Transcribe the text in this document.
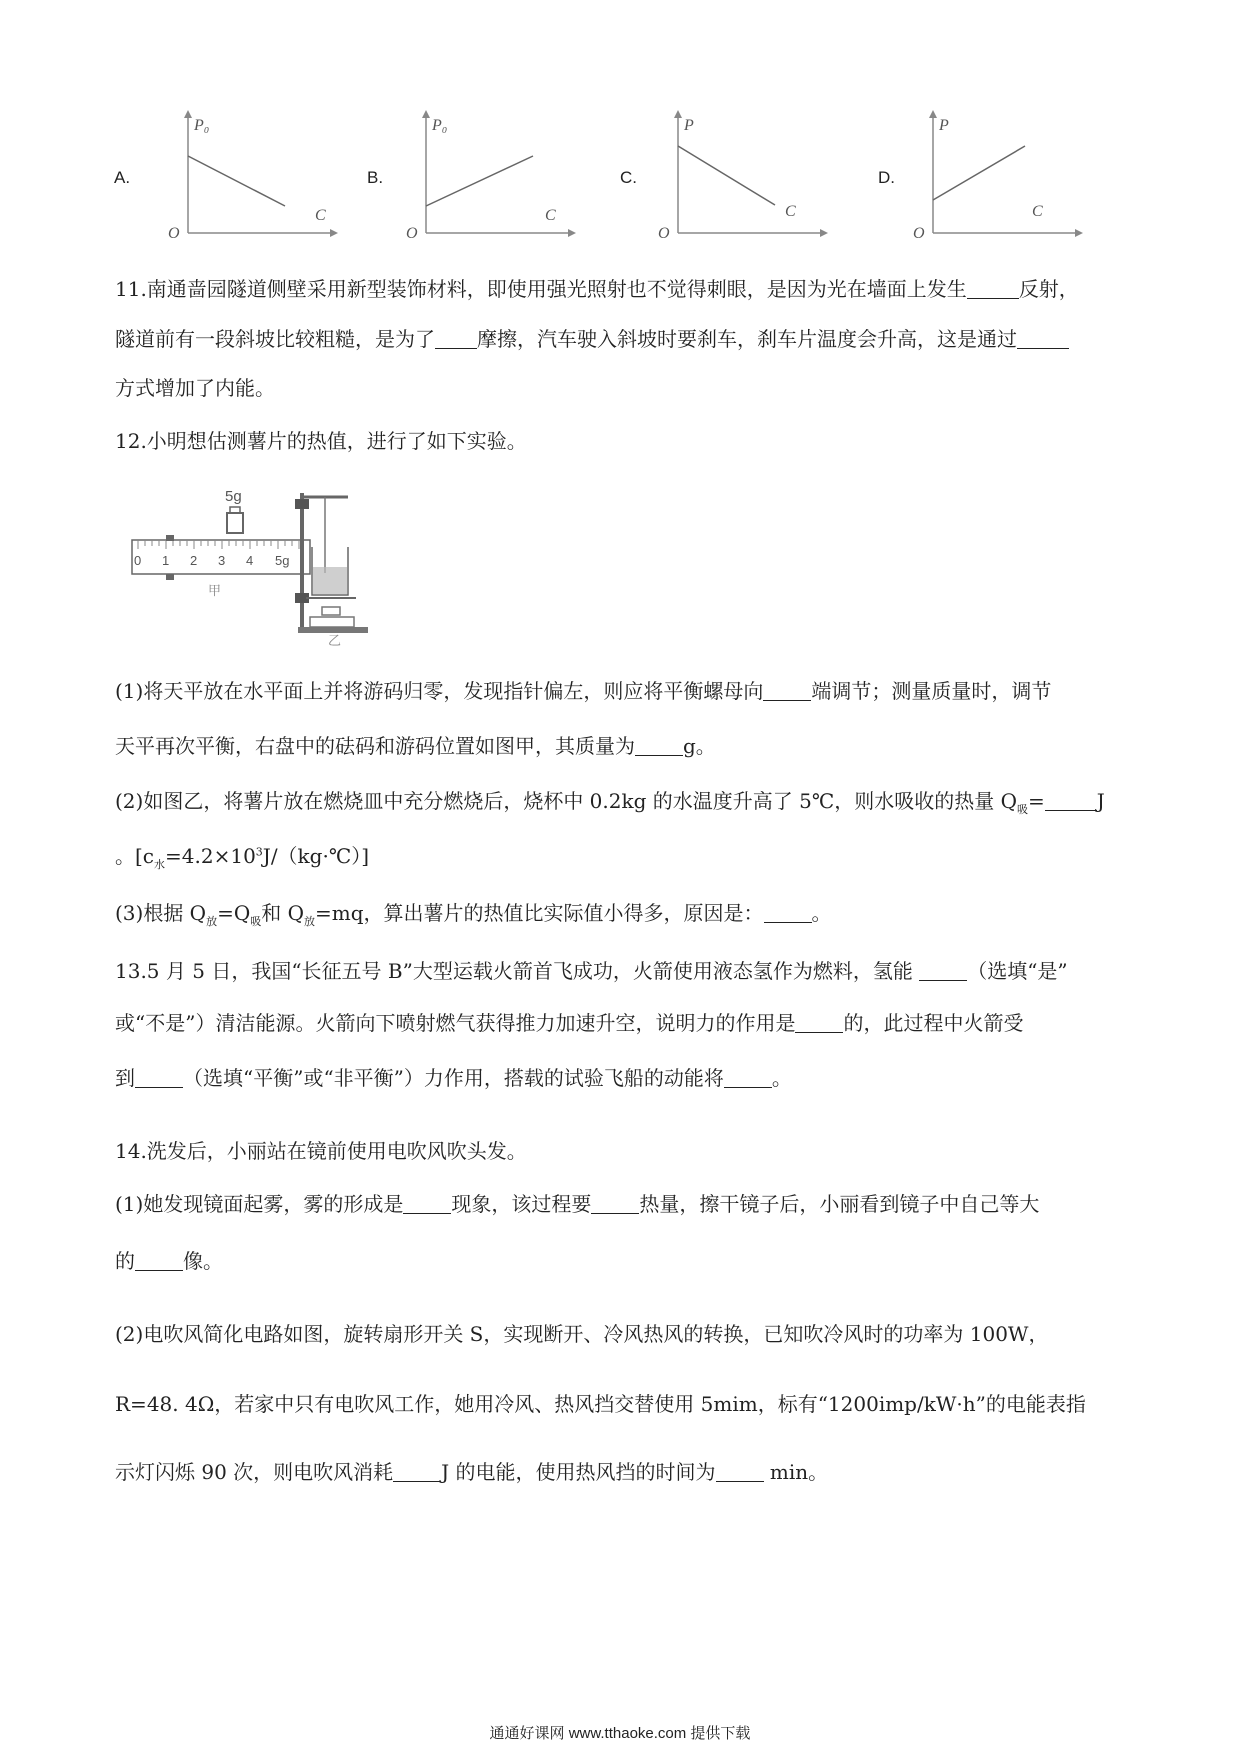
A.
P₀
C
O
B.
P₀
C
O
C.
P
C
O
D.
P
C
O
11.南通啬园隧道侧壁采用新型装饰材料，即使用强光照射也不觉得刺眼，是因为光在墙面上发生	反射，
隧道前有一段斜坡比较粗糙，是为了 摩擦，汽车驶入斜坡时要刹车，刹车片温度会升高，这是通过
方式增加了内能。
12.小明想估测薯片的热值，进行了如下实验。
5g
0 1 2 3 4 5g
甲
乙
(1)将天平放在水平面上并将游码归零，发现指针偏左，则应将平衡螺母向 端调节；测量质量时，调节
天平再次平衡，右盘中的砝码和游码位置如图甲，其质量为 g。
(2)如图乙，将薯片放在燃烧皿中充分燃烧后，烧杯中 0.2kg 的水温度升高了 5℃，则水吸收的热量 $Q_吸=$	J
。$[c_水=4.2\times 10^3J/(kg\cdot℃)]$
(3)根据 $Q_放=Q_吸$和 $Q_放=mq$，算出薯片的热值比实际值小得多，原因是： 。
13.5 月 5 日，我国“长征五号 B”大型运载火箭首飞成功，火箭使用液态氢作为燃料，氢能	（选填“是”
或“不是”）清洁能源。火箭向下喷射燃气获得推力加速升空，说明力的作用是 的，此过程中火箭受
到 （选填“平衡”或“非平衡”）力作用，搭载的试验飞船的动能将 。
14.洗发后，小丽站在镜前使用电吹风吹头发。
(1)她发现镜面起雾，雾的形成是 现象，该过程要 热量，擦干镜子后，小丽看到镜子中自己等大
的 像。
(2)电吹风简化电路如图，旋转扇形开关 S，实现断开、冷风热风的转换，已知吹冷风时的功率为 100W，
R=48. 4Ω，若家中只有电吹风工作，她用冷风、热风挡交替使用 5mim，标有“1200imp/kW·h”的电能表指
示灯闪烁 90 次，则电吹风消耗 J 的电能，使用热风挡的时间为 min。
通通好课网 www.tthaoke.com 提供下载
